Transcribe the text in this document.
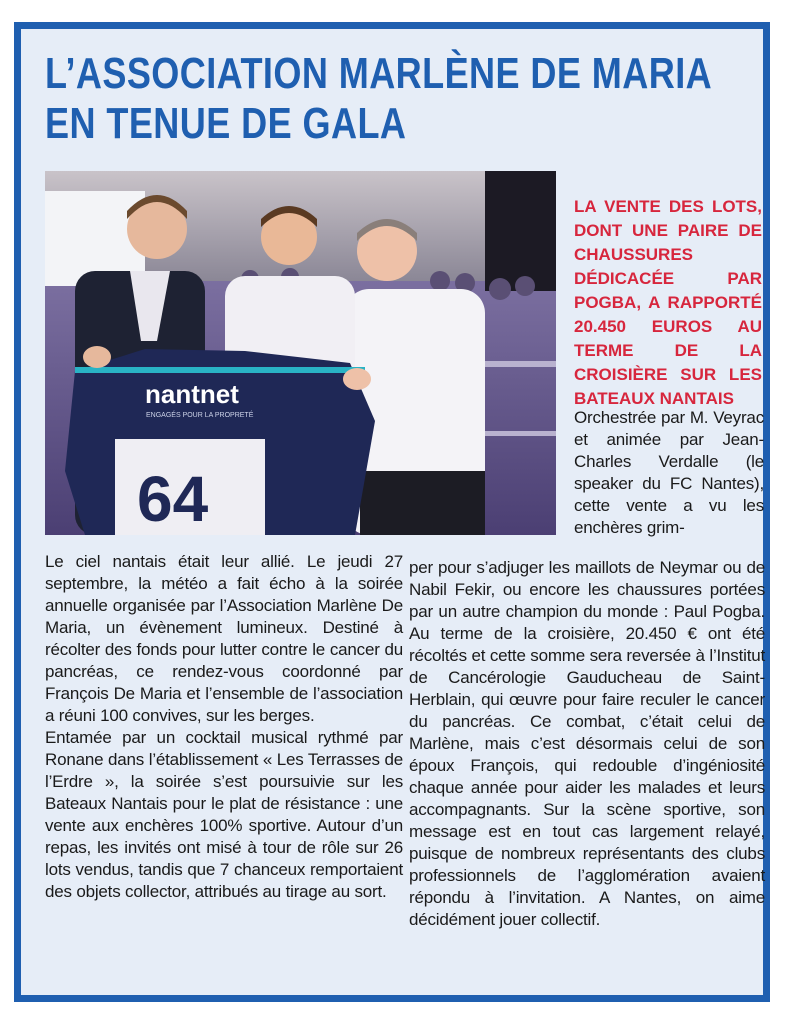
L’ASSOCIATION MARLÈNE DE MARIA
EN TENUE DE GALA
nantnet
ENGAGÉS POUR LA PROPRETÉ
64
LA VENTE DES LOTS, DONT UNE PAIRE DE CHAUSSURES DÉDICACÉE PAR POGBA, A RAPPORTÉ 20.450 EUROS AU TERME DE LA CROISIÈRE SUR LES BATEAUX NANTAIS

Orchestrée par M. Veyrac et animée par Jean-Charles Verdalle (le speaker du FC Nantes), cette vente a vu les enchères grim-

Le ciel nantais était leur allié. Le jeudi 27 septembre, la météo a fait écho à la soirée annuelle organisée par l’Association Marlène De Maria, un évènement lumineux. Destiné à récolter des fonds pour lutter contre le cancer du pancréas, ce rendez-vous coordonné par François De Maria et l’ensemble de l’association a réuni 100 convives, sur les berges.

Entamée par un cocktail musical rythmé par Ronane dans l’établissement « Les Terrasses de l’Erdre », la soirée s’est poursuivie sur les Bateaux Nantais pour le plat de résistance : une vente aux enchères 100% sportive. Autour d’un repas, les invités ont misé à tour de rôle sur 26 lots vendus, tandis que 7 chanceux remportaient des objets collector, attribués au tirage au sort.

per pour s’adjuger les maillots de Neymar ou de Nabil Fekir, ou encore les chaussures portées par un autre champion du monde : Paul Pogba. Au terme de la croisière, 20.450 € ont été récoltés et cette somme sera reversée à l’Institut de Cancérologie Gauducheau de Saint-Herblain, qui œuvre pour faire reculer le cancer du pancréas. Ce combat, c’était celui de Marlène, mais c’est désormais celui de son époux François, qui redouble d’ingéniosité chaque année pour aider les malades et leurs accompagnants. Sur la scène sportive, son message est en tout cas largement relayé, puisque de nombreux représentants des clubs professionnels de l’agglomération avaient répondu à l’invitation. A Nantes, on aime décidément jouer collectif.
